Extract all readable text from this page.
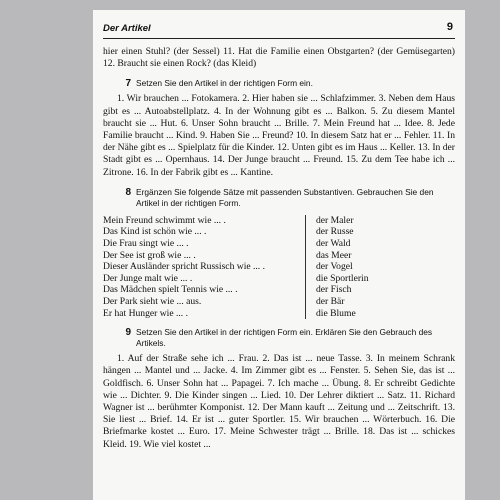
Der Artikel	9

hier einen Stuhl? (der Sessel) 11. Hat die Familie einen Obstgarten? (der Gemüsegarten) 12. Braucht sie einen Rock? (das Kleid)

7 Setzen Sie den Artikel in der richtigen Form ein.

1. Wir brauchen ... Fotokamera. 2. Hier haben sie ... Schlafzimmer. 3. Neben dem Haus gibt es ... Autoabstellplatz. 4. In der Wohnung gibt es ... Balkon. 5. Zu diesem Mantel braucht sie ... Hut. 6. Unser Sohn braucht ... Brille. 7. Mein Freund hat ... Idee. 8. Jede Familie braucht ... Kind. 9. Haben Sie ... Freund? 10. In diesem Satz hat er ... Fehler. 11. In der Nähe gibt es ... Spielplatz für die Kinder. 12. Unten gibt es im Haus ... Keller. 13. In der Stadt gibt es ... Opernhaus. 14. Der Junge braucht ... Freund. 15. Zu dem Tee habe ich ... Zitrone. 16. In der Fabrik gibt es ... Kantine.

8 Ergänzen Sie folgende Sätze mit passenden Substantiven. Gebrauchen Sie den Artikel in der richtigen Form.
Mein Freund schwimmt wie ... .
Das Kind ist schön wie ... .
Die Frau singt wie ... .
Der See ist groß wie ... .
Dieser Ausländer spricht Russisch wie ... .
Der Junge malt wie ... .
Das Mädchen spielt Tennis wie ... .
Der Park sieht wie ... aus.
Er hat Hunger wie ... .
der Maler
der Russe
der Wald
das Meer
der Vogel
die Sportlerin
der Fisch
der Bär
die Blume
9 Setzen Sie den Artikel in der richtigen Form ein. Erklären Sie den Gebrauch des Artikels.

1. Auf der Straße sehe ich ... Frau. 2. Das ist ... neue Tasse. 3. In meinem Schrank hängen ... Mantel und ... Jacke. 4. Im Zimmer gibt es ... Fenster. 5. Sehen Sie, das ist ... Goldfisch. 6. Unser Sohn hat ... Papagei. 7. Ich mache ... Übung. 8. Er schreibt Gedichte wie ... Dichter. 9. Die Kinder singen ... Lied. 10. Der Lehrer diktiert ... Satz. 11. Richard Wagner ist ... berühmter Komponist. 12. Der Mann kauft ... Zeitung und ... Zeitschrift. 13. Sie liest ... Brief. 14. Er ist ... guter Sportler. 15. Wir brauchen ... Wörterbuch. 16. Die Briefmarke kostet ... Euro. 17. Meine Schwester trägt ... Brille. 18. Das ist ... schickes Kleid. 19. Wie viel kostet ...
